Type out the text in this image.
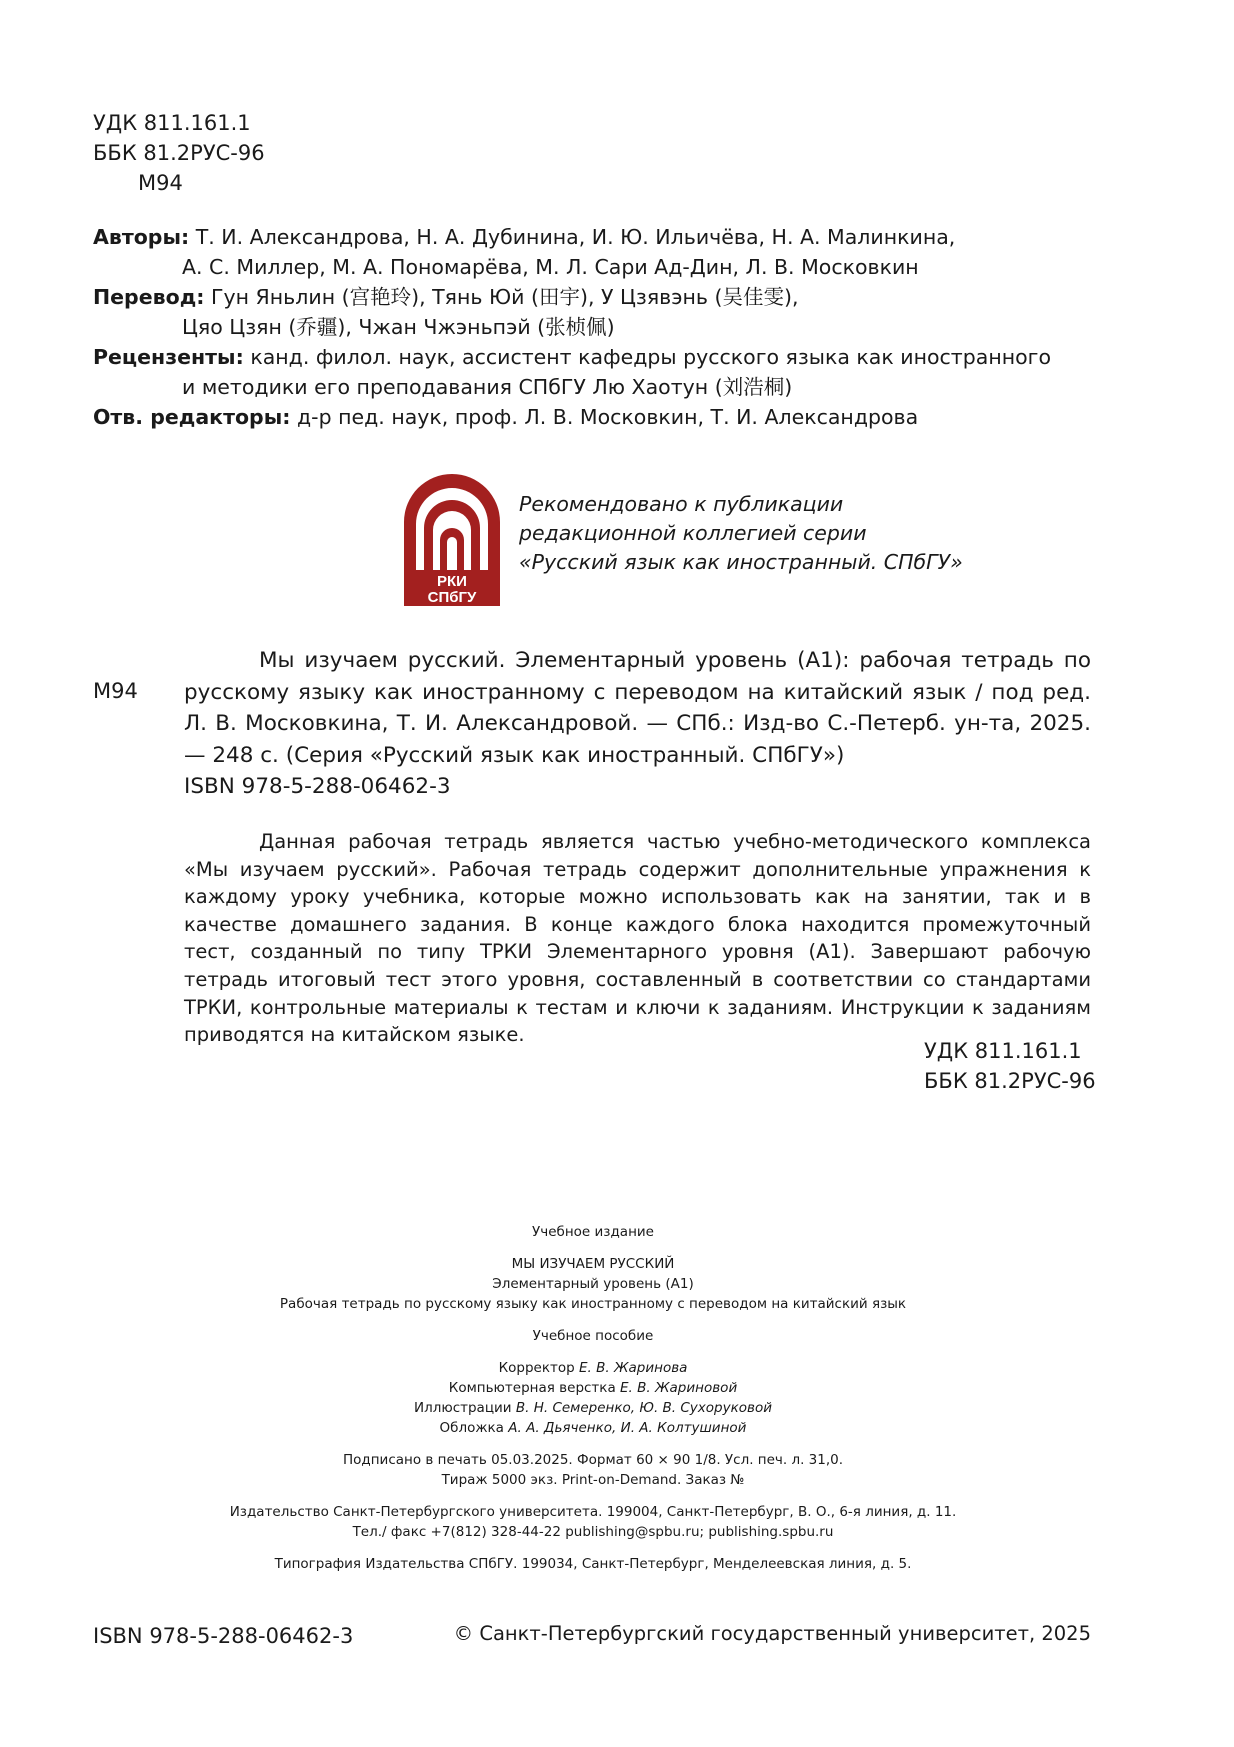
УДК 811.161.1
ББК 81.2РУС-96
М94
Авторы: Т. И. Александрова, Н. А. Дубинина, И. Ю. Ильичёва, Н. А. Малинкина,
А. С. Миллер, М. А. Пономарёва, М. Л. Сари Ад-Дин, Л. В. Московкин
Перевод: Гун Яньлин (宫艳玲), Тянь Юй (田宇), У Цзявэнь (吴佳雯),
Цяо Цзян (乔疆), Чжан Чжэньпэй (张桢佩)
Рецензенты: канд. филол. наук, ассистент кафедры русского языка как иностранного
и методики его преподавания СПбГУ Лю Хаотун (刘浩桐)
Отв. редакторы: д-р пед. наук, проф. Л. В. Московкин, Т. И. Александрова
РКИ
СПбГУ
Рекомендовано к публикации
редакционной коллегией серии
«Русский язык как иностранный. СПбГУ»
М94

Мы изучаем русский. Элементарный уровень (А1): рабочая тетрадь по русскому языку как иностранному с переводом на китайский язык / под ред. Л. В. Московкина, Т. И. Александровой. — СПб.: Изд-во С.-Петерб. ун-та, 2025. — 248 с. (Серия «Русский язык как иностранный. СПбГУ»)

ISBN 978-5-288-06462-3

Данная рабочая тетрадь является частью учебно-методического комплекса «Мы изучаем русский». Рабочая тетрадь содержит дополнительные упражнения к каждому уроку учебника, которые можно использовать как на занятии, так и в качестве домашнего задания. В конце каждого блока находится промежуточный тест, созданный по типу ТРКИ Элементарного уровня (А1). Завершают рабочую тетрадь итоговый тест этого уровня, составленный в соответствии со стандартами ТРКИ, контрольные материалы к тестам и ключи к заданиям. Инструкции к заданиям приводятся на китайском языке.

УДК 811.161.1
ББК 81.2РУС-96
Учебное издание
МЫ ИЗУЧАЕМ РУССКИЙ
Элементарный уровень (А1)
Рабочая тетрадь по русскому языку как иностранному с переводом на китайский язык
Учебное пособие
Корректор Е. В. Жаринова
Компьютерная верстка Е. В. Жариновой
Иллюстрации В. Н. Семеренко, Ю. В. Сухоруковой
Обложка А. А. Дьяченко, И. А. Колтушиной
Подписано в печать 05.03.2025. Формат 60 × 90 1/8. Усл. печ. л. 31,0.
Тираж 5000 экз. Print-on-Demand. Заказ №
Издательство Санкт-Петербургского университета. 199004, Санкт-Петербург, В. О., 6-я линия, д. 11.
Тел./ факс +7(812) 328-44-22 publishing@spbu.ru; publishing.spbu.ru
Типография Издательства СПбГУ. 199034, Санкт-Петербург, Менделеевская линия, д. 5.
ISBN 978-5-288-06462-3	© Санкт-Петербургский государственный университет, 2025
